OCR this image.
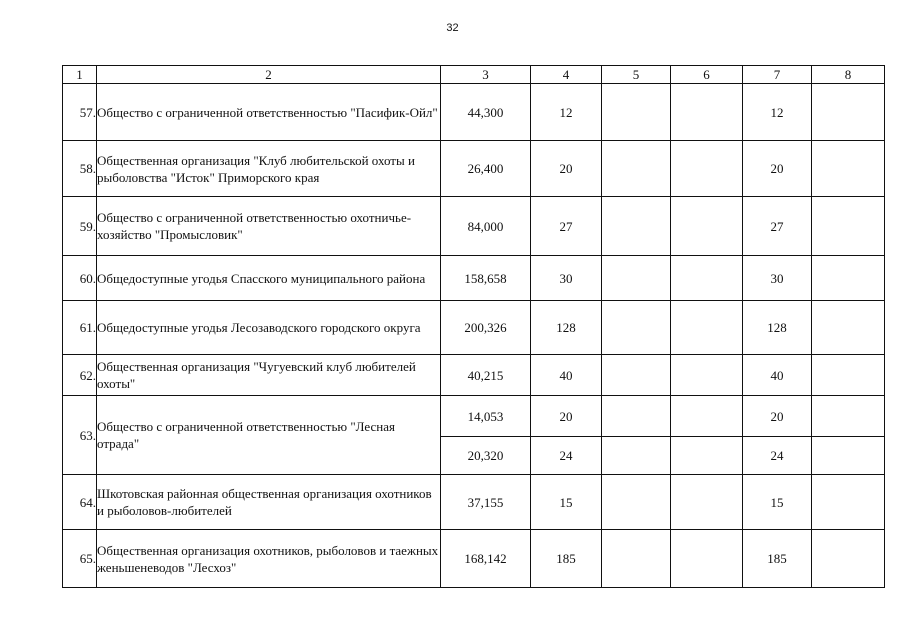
32
1	2	3	4	5	6	7	8
57.	Общество с ограниченной ответственностью "Пасифик-Ойл"	44,300	12			12	
58.	Общественная организация "Клуб любительской охоты и рыболовства "Исток" Приморского края	26,400	20			20	
59.	Общество с ограниченной ответственностью охотничье-хозяйство "Промысловик"	84,000	27			27	
60.	Общедоступные угодья Спасского муниципального района	158,658	30			30	
61.	Общедоступные угодья Лесозаводского городского округа	200,326	128			128	
62.	Общественная организация "Чугуевский клуб любителей охоты"	40,215	40			40	
63.	Общество с ограниченной ответственностью "Лесная отрада"	14,053	20			20	
		20,320	24			24	
64.	Шкотовская районная общественная организация охотников и рыболовов-любителей	37,155	15			15	
65.	Общественная организация охотников, рыболовов и таежных женьшеневодов "Лесхоз"	168,142	185			185	
